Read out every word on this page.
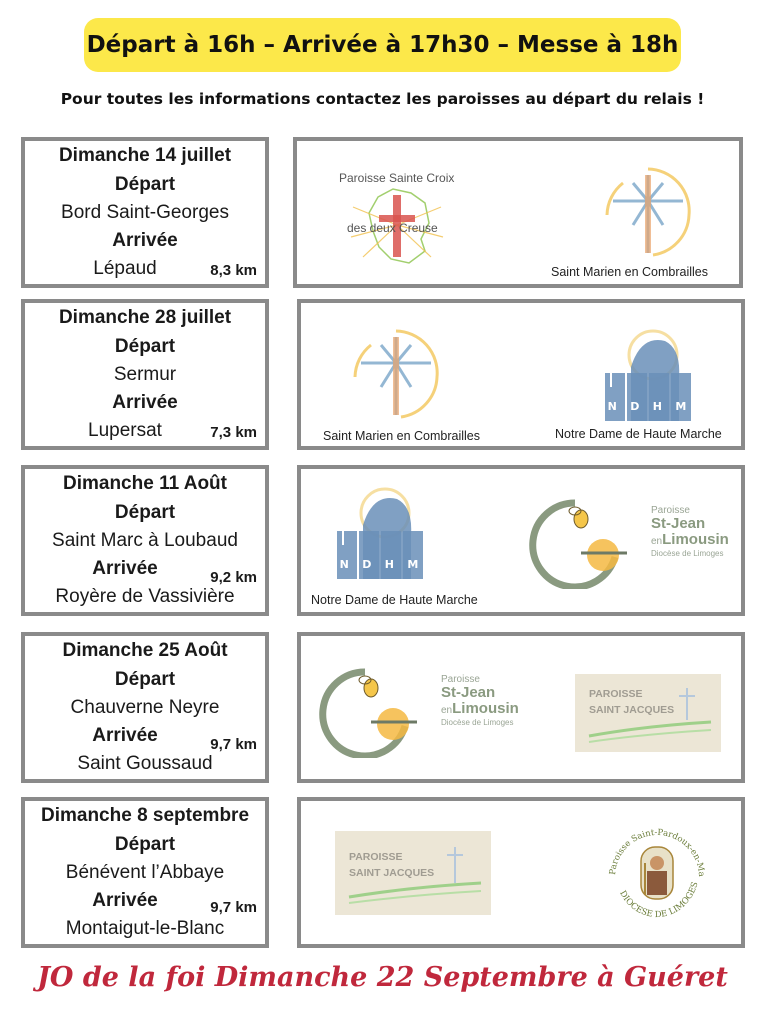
Départ à 16h – Arrivée à 17h30 – Messe à 18h
Pour toutes les informations contactez les paroisses au départ du relais !
Dimanche 14 juillet
Départ
Bord Saint-Georges
Arrivée
Lépaud	8,3 km
Paroisse Sainte Croix
des deux Creuse
Saint Marien en Combrailles
Dimanche 28 juillet
Départ
Sermur
Arrivée
Lupersat	7,3 km	Saint Marien en Combrailles
N D H M
Notre Dame de Haute Marche
Dimanche 11 Août
Départ
Saint Marc à Loubaud
Arrivée
Royère de Vassivière
9,2 km
N D H M
Notre Dame de Haute Marche
Paroisse
St-Jean
enLimousin
Diocèse de Limoges
Dimanche 25 Août
Départ
Chauverne Neyre
Arrivée
Saint Goussaud
9,7 km
Paroisse
St-Jean
enLimousin
Diocèse de Limoges
PAROISSE
SAINT JACQUES
Dimanche 8 septembre
Départ
Bénévent l’Abbaye
Arrivée
Montaigut-le-Blanc
9,7 km
PAROISSE
SAINT JACQUES	Paroisse Saint-Pardoux-en-Ma
DIOCESE DE LIMOGES
JO de la foi Dimanche 22 Septembre à Guéret
